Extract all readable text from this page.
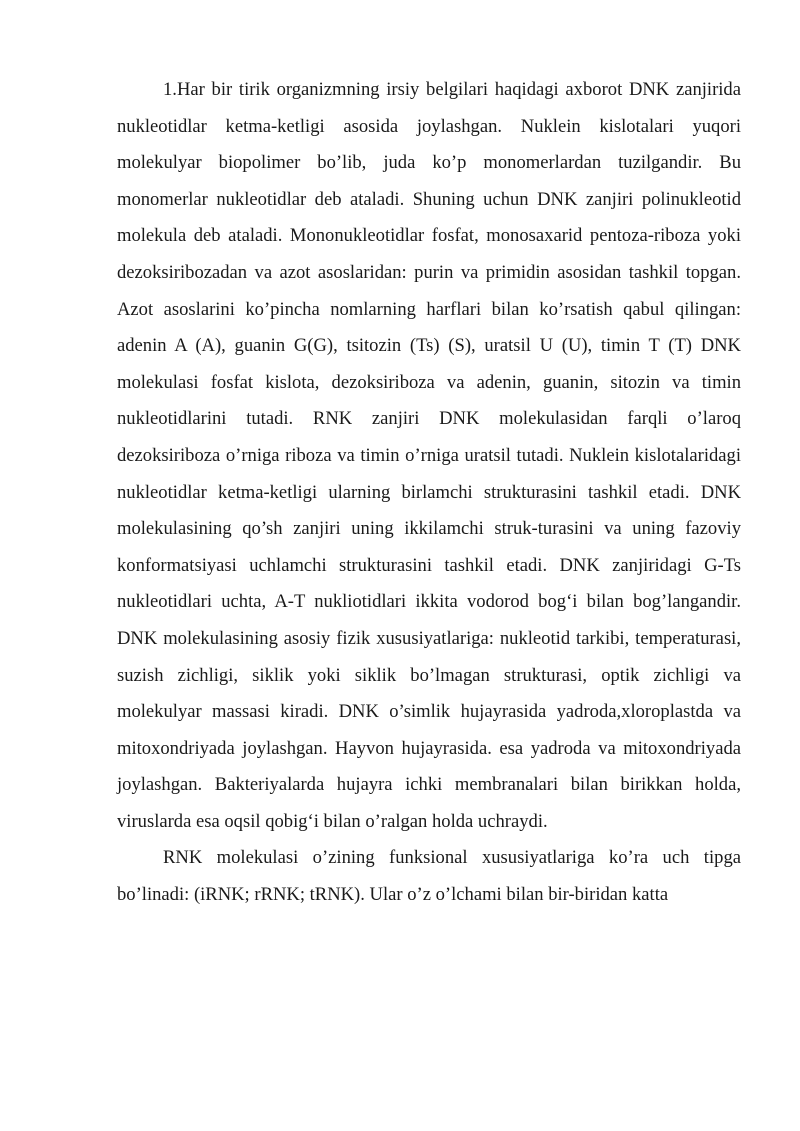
1.Har bir tirik organizmning irsiy belgilari haqidagi axborot DNK zanjirida nukleotidlar ketma-ketligi asosida joylashgan. Nuklein kislotalari yuqori molekulyar biopolimer bo’lib, juda ko’p monomerlardan tuzilgandir. Bu monomerlar nukleotidlar deb ataladi. Shuning uchun DNK zanjiri polinukleotid molekula deb ataladi. Mononukleotidlar fosfat, monosaxarid pentoza-riboza yoki dezoksiribozadan va azot asoslaridan: purin va primidin asosidan tashkil topgan. Azot asoslarini ko’pincha nomlarning harflari bilan ko’rsatish qabul qilingan: adenin A (A), guanin G(G), tsitozin (Ts) (S), uratsil U (U), timin T (T) DNK molekulasi fosfat kislota, dezoksiriboza va adenin, guanin, sitozin va timin nukleotidlarini tutadi. RNK zanjiri DNK molekulasidan farqli o’laroq dezoksiriboza o’rniga riboza va timin o’rniga uratsil tutadi. Nuklein kislotalaridagi nukleotidlar ketma-ketligi ularning birlamchi strukturasini tashkil etadi. DNK molekulasining qo’sh zanjiri uning ikkilamchi struk-turasini va uning fazoviy konformatsiyasi uchlamchi strukturasini tashkil etadi. DNK zanjiridagi G-Ts nukleotidlari uchta, A-T nukliotidlari ikkita vodorod bog‘i bilan bog’langandir. DNK molekulasining asosiy fizik xususiyatlariga: nukleotid tarkibi, temperaturasi, suzish zichligi, siklik yoki siklik bo’lmagan strukturasi, optik zichligi va molekulyar massasi kiradi. DNK o’simlik hujayrasida yadroda,xloroplastda va mitoxondriyada joylashgan. Hayvon hujayrasida. esa yadroda va mitoxondriyada joylashgan. Bakteriyalarda hujayra ichki membranalari bilan birikkan holda, viruslarda esa oqsil qobig‘i bilan o’ralgan holda uchraydi.

RNK molekulasi o’zining funksional xususiyatlariga ko’ra uch tipga bo’linadi: (iRNK; rRNK; tRNK). Ular o’z o’lchami bilan bir-biridan katta
